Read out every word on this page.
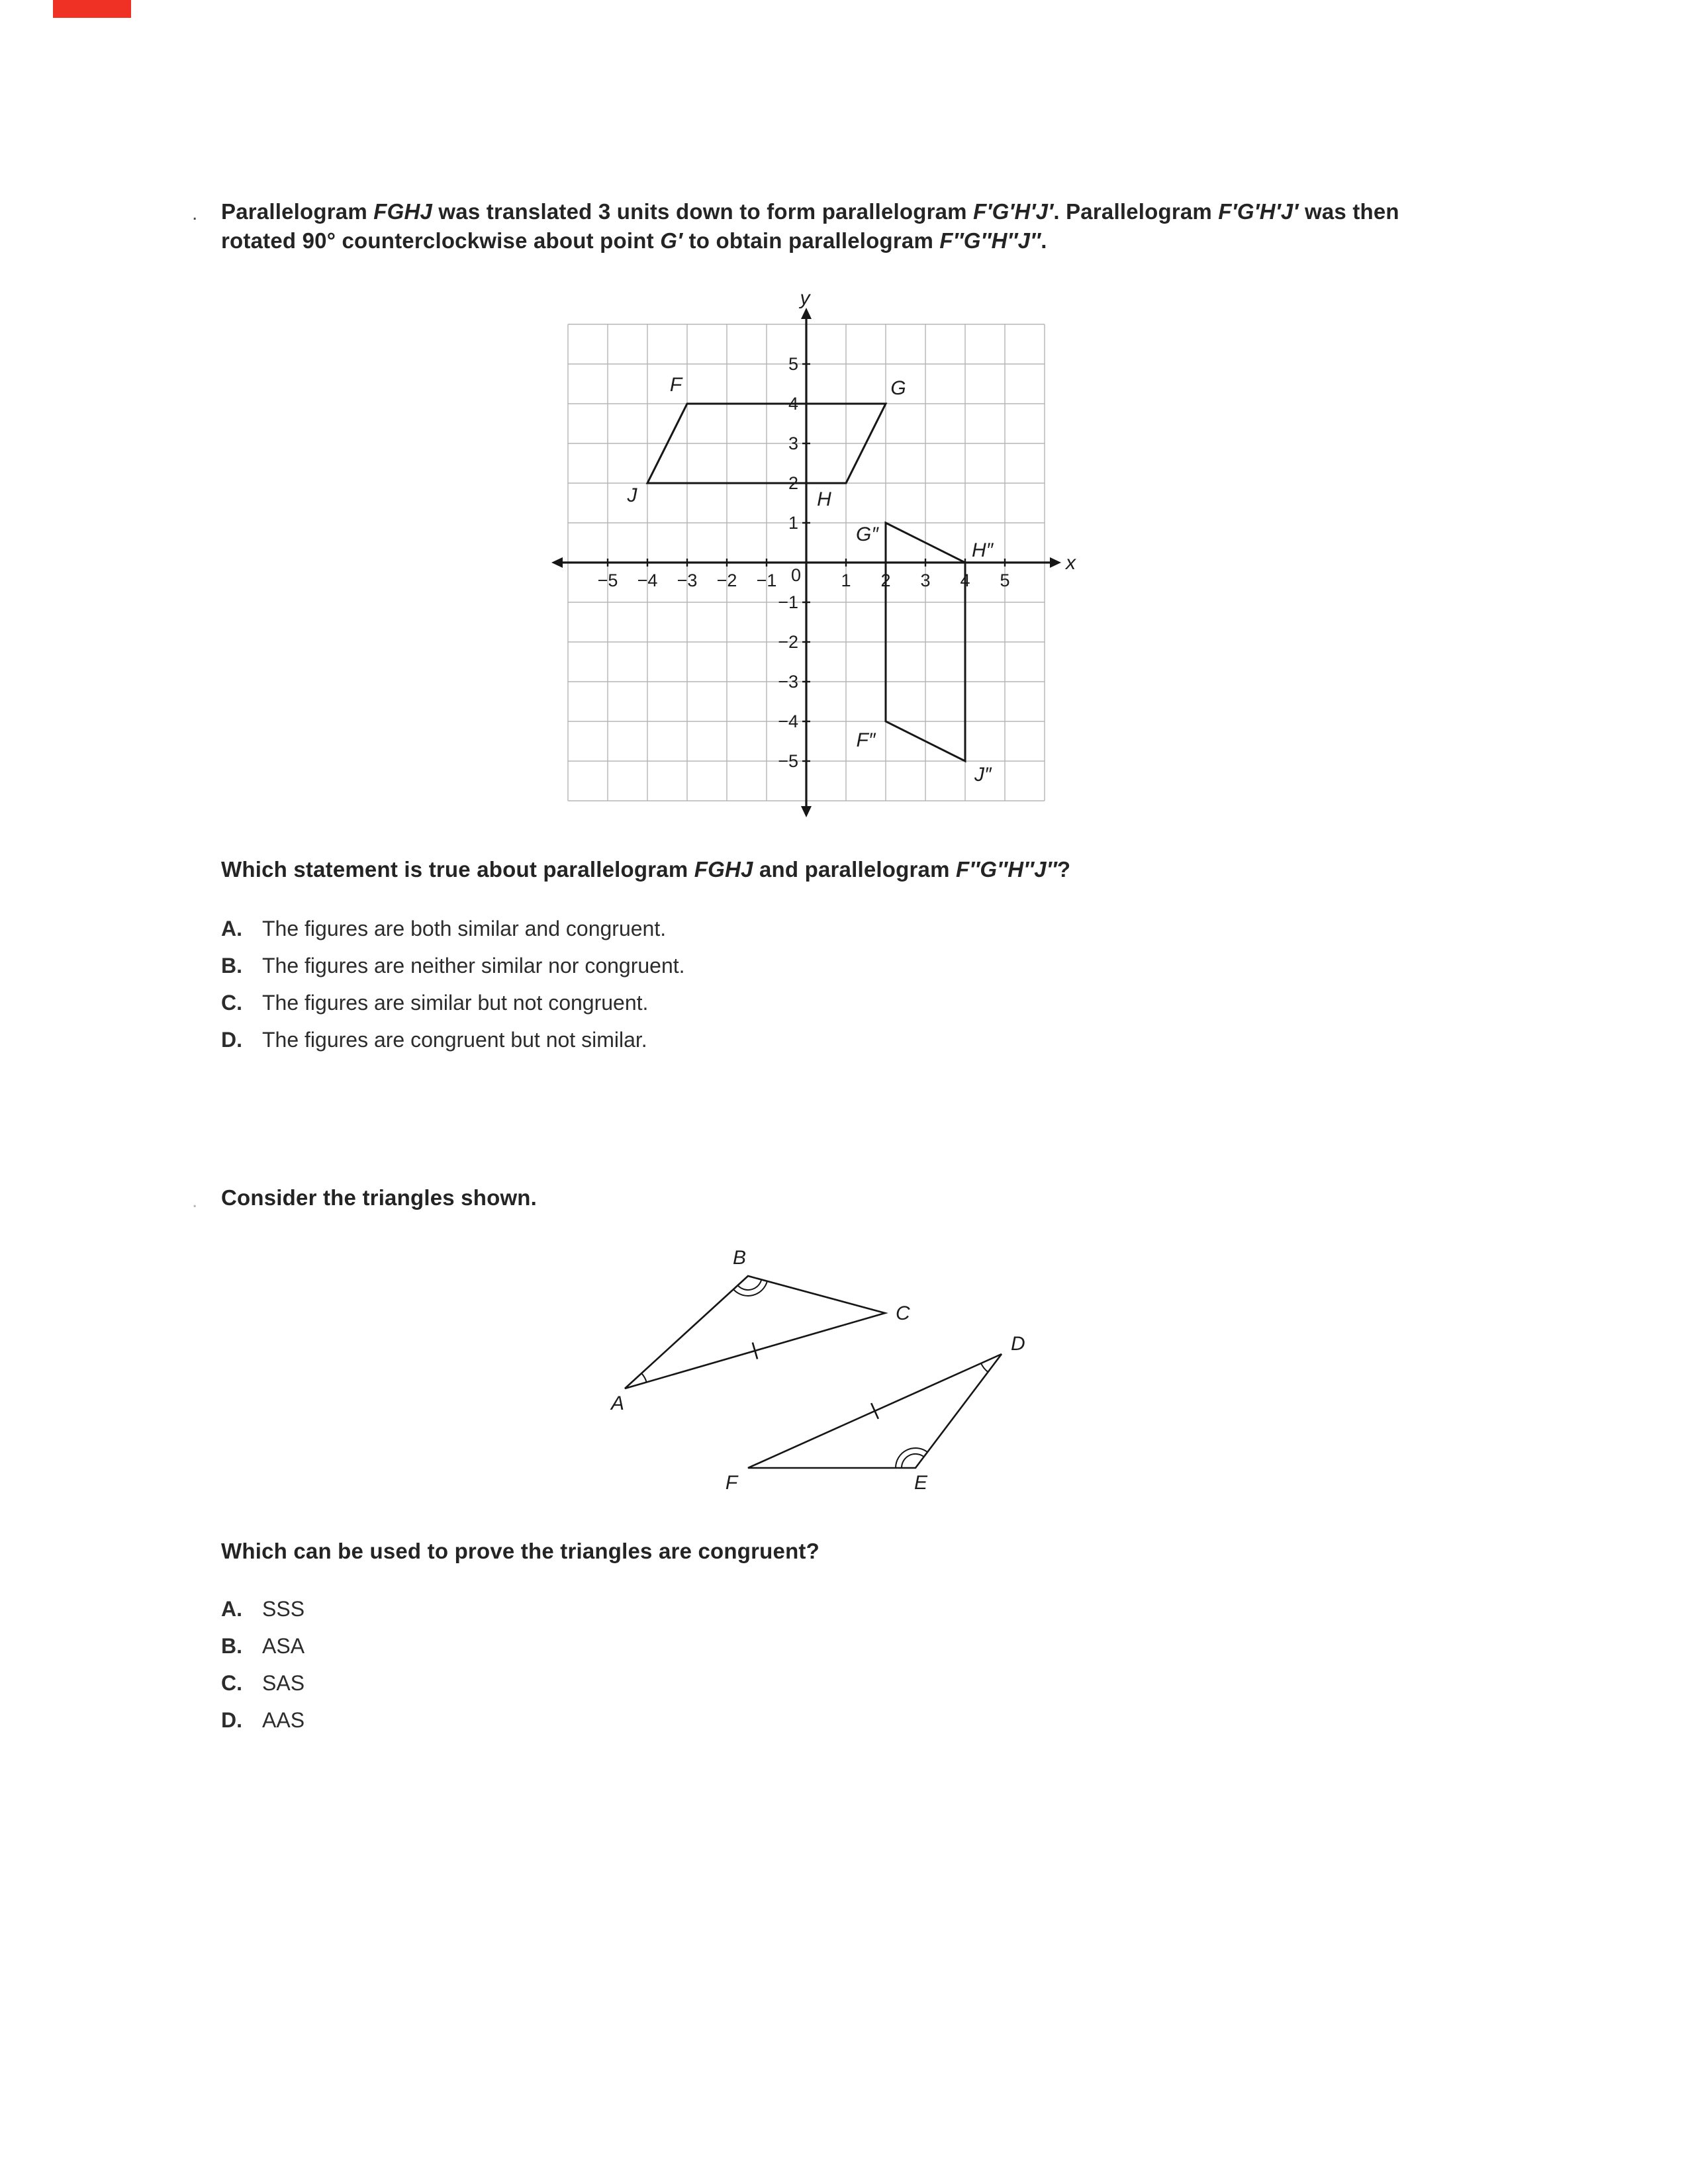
. Parallelogram FGHJ was translated 3 units down to form parallelogram F′G′H′J′. Parallelogram F′G′H′J′ was then rotated 90° counterclockwise about point G′ to obtain parallelogram F″G″H″J″.
x
y
−5 −4 −3 −2 −1 0 1 2 3 4 5
5
4
3
2
1
−1
−2
−3
−4
−5
F	G
H
J
G″
H″
F″
J″
Which statement is true about parallelogram FGHJ and parallelogram F″G″H″J″?
A. The figures are both similar and congruent.
B. The figures are neither similar nor congruent.
C. The figures are similar but not congruent.
D. The figures are congruent but not similar.
. Consider the triangles shown.
A
B
C
F	E
D
Which can be used to prove the triangles are congruent?
A. SSS
B. ASA
C. SAS
D. AAS
